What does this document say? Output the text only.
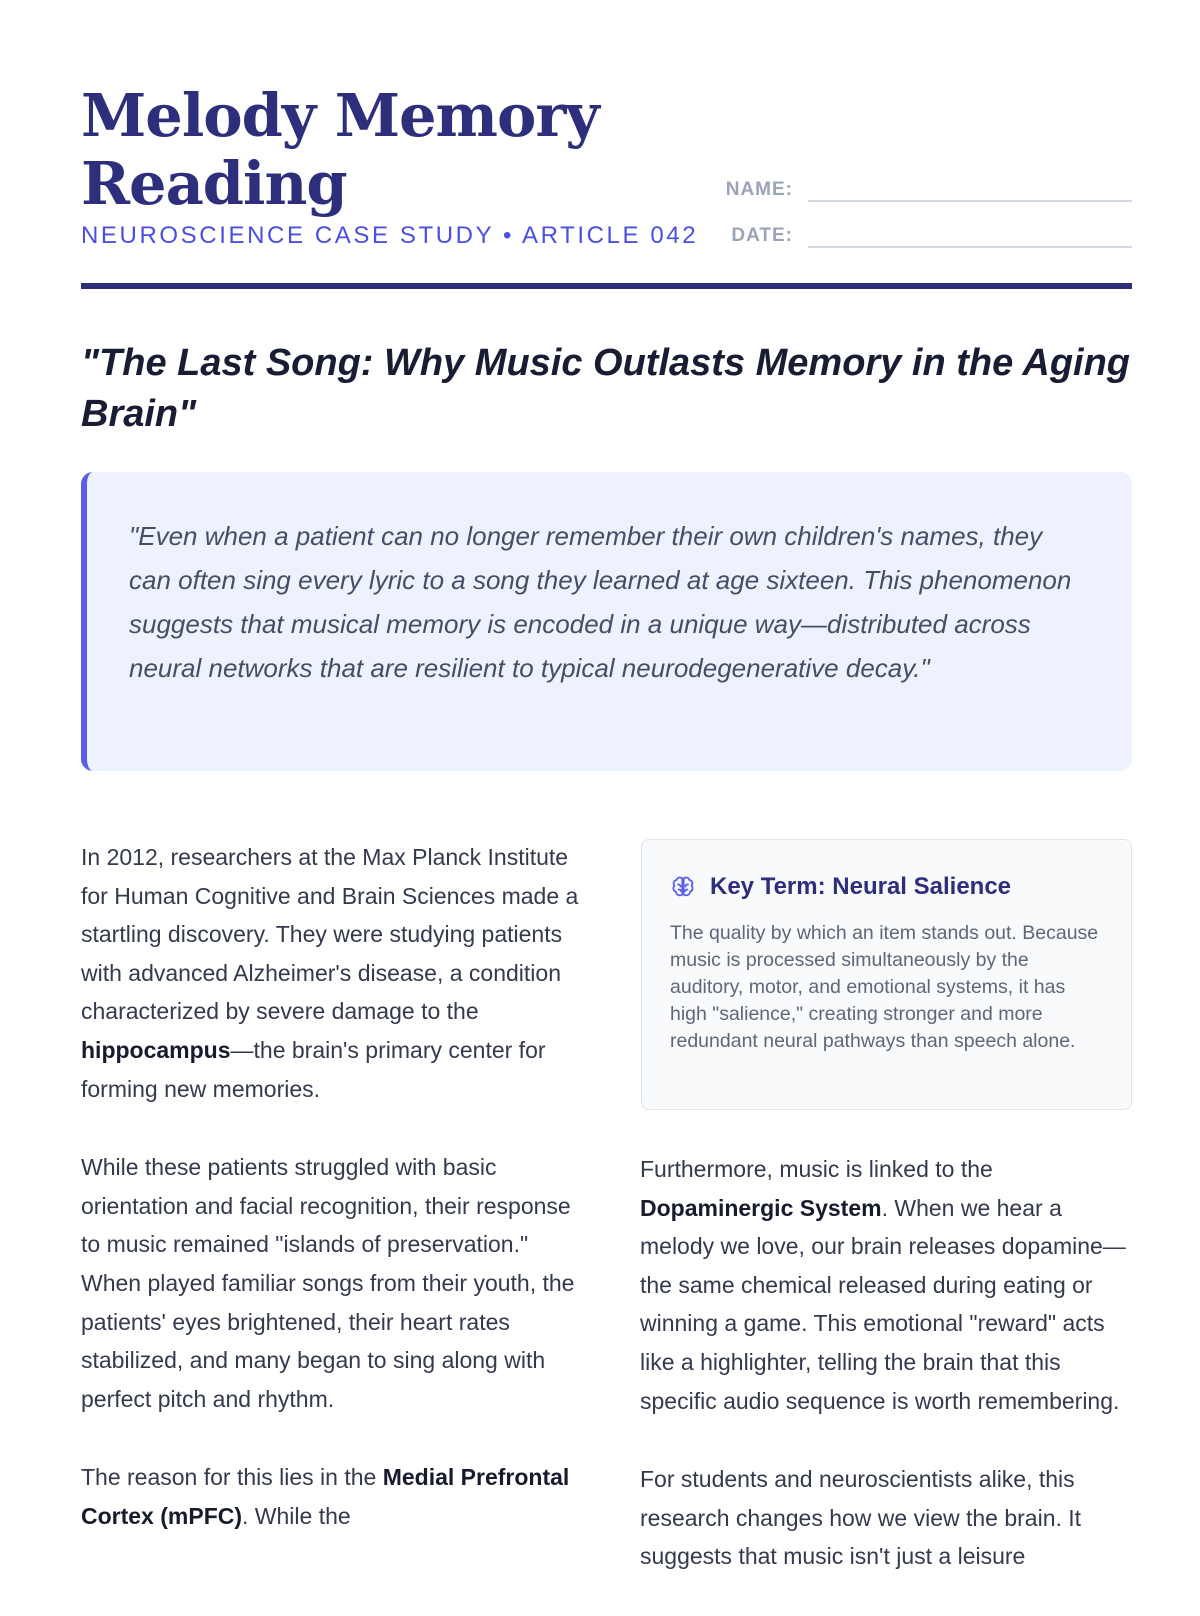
Melody Memory
Reading
NEUROSCIENCE CASE STUDY • ARTICLE 042
NAME:
DATE:
"The Last Song: Why Music Outlasts Memory in the Aging Brain"
"Even when a patient can no longer remember their own children's names, they can often sing every lyric to a song they learned at age sixteen. This phenomenon suggests that musical memory is encoded in a unique way—distributed across neural networks that are resilient to typical neurodegenerative decay."

In 2012, researchers at the Max Planck Institute for Human Cognitive and Brain Sciences made a startling discovery. They were studying patients with advanced Alzheimer's disease, a condition characterized by severe damage to the hippocampus—the brain's primary center for forming new memories.

While these patients struggled with basic orientation and facial recognition, their response to music remained "islands of preservation." When played familiar songs from their youth, the patients' eyes brightened, their heart rates stabilized, and many began to sing along with perfect pitch and rhythm.

The reason for this lies in the Medial Prefrontal Cortex (mPFC). While the

Key Term: Neural Salience
The quality by which an item stands out. Because music is processed simultaneously by the auditory, motor, and emotional systems, it has high "salience," creating stronger and more redundant neural pathways than speech alone.

Furthermore, music is linked to the Dopaminergic System. When we hear a melody we love, our brain releases dopamine—the same chemical released during eating or winning a game. This emotional "reward" acts like a highlighter, telling the brain that this specific audio sequence is worth remembering.

For students and neuroscientists alike, this research changes how we view the brain. It suggests that music isn't just a leisure
